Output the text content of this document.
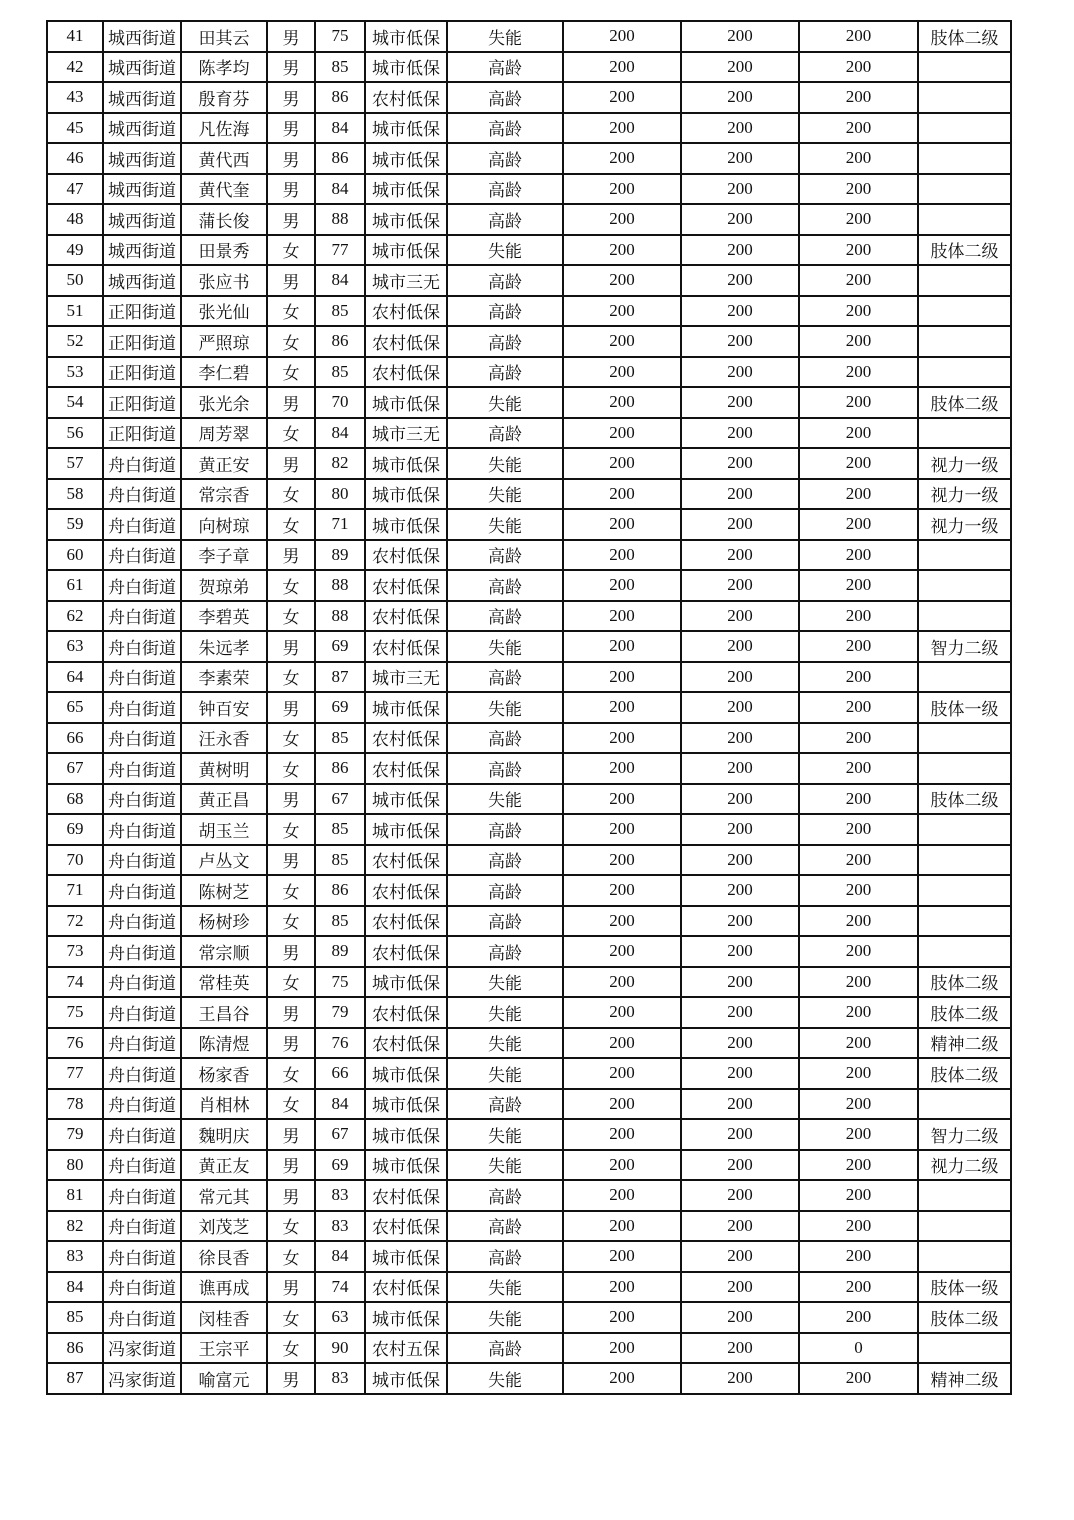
41	城西街道	田其云	男	75	城市低保	失能	200	200	200	肢体二级
42	城西街道	陈孝均	男	85	城市低保	高龄	200	200	200	
43	城西街道	殷育芬	男	86	农村低保	高龄	200	200	200	
45	城西街道	凡佐海	男	84	城市低保	高龄	200	200	200	
46	城西街道	黄代西	男	86	城市低保	高龄	200	200	200	
47	城西街道	黄代奎	男	84	城市低保	高龄	200	200	200	
48	城西街道	蒲长俊	男	88	城市低保	高龄	200	200	200	
49	城西街道	田景秀	女	77	城市低保	失能	200	200	200	肢体二级
50	城西街道	张应书	男	84	城市三无	高龄	200	200	200	
51	正阳街道	张光仙	女	85	农村低保	高龄	200	200	200	
52	正阳街道	严照琼	女	86	农村低保	高龄	200	200	200	
53	正阳街道	李仁碧	女	85	农村低保	高龄	200	200	200	
54	正阳街道	张光余	男	70	城市低保	失能	200	200	200	肢体二级
56	正阳街道	周芳翠	女	84	城市三无	高龄	200	200	200	
57	舟白街道	黄正安	男	82	城市低保	失能	200	200	200	视力一级
58	舟白街道	常宗香	女	80	城市低保	失能	200	200	200	视力一级
59	舟白街道	向树琼	女	71	城市低保	失能	200	200	200	视力一级
60	舟白街道	李子章	男	89	农村低保	高龄	200	200	200	
61	舟白街道	贺琼弟	女	88	农村低保	高龄	200	200	200	
62	舟白街道	李碧英	女	88	农村低保	高龄	200	200	200	
63	舟白街道	朱远孝	男	69	农村低保	失能	200	200	200	智力二级
64	舟白街道	李素荣	女	87	城市三无	高龄	200	200	200	
65	舟白街道	钟百安	男	69	城市低保	失能	200	200	200	肢体一级
66	舟白街道	汪永香	女	85	农村低保	高龄	200	200	200	
67	舟白街道	黄树明	女	86	农村低保	高龄	200	200	200	
68	舟白街道	黄正昌	男	67	城市低保	失能	200	200	200	肢体二级
69	舟白街道	胡玉兰	女	85	城市低保	高龄	200	200	200	
70	舟白街道	卢丛文	男	85	农村低保	高龄	200	200	200	
71	舟白街道	陈树芝	女	86	农村低保	高龄	200	200	200	
72	舟白街道	杨树珍	女	85	农村低保	高龄	200	200	200	
73	舟白街道	常宗顺	男	89	农村低保	高龄	200	200	200	
74	舟白街道	常桂英	女	75	城市低保	失能	200	200	200	肢体二级
75	舟白街道	王昌谷	男	79	农村低保	失能	200	200	200	肢体二级
76	舟白街道	陈清煜	男	76	农村低保	失能	200	200	200	精神二级
77	舟白街道	杨家香	女	66	城市低保	失能	200	200	200	肢体二级
78	舟白街道	肖相林	女	84	城市低保	高龄	200	200	200	
79	舟白街道	魏明庆	男	67	城市低保	失能	200	200	200	智力二级
80	舟白街道	黄正友	男	69	城市低保	失能	200	200	200	视力二级
81	舟白街道	常元其	男	83	农村低保	高龄	200	200	200	
82	舟白街道	刘茂芝	女	83	农村低保	高龄	200	200	200	
83	舟白街道	徐艮香	女	84	城市低保	高龄	200	200	200	
84	舟白街道	谯再成	男	74	农村低保	失能	200	200	200	肢体一级
85	舟白街道	闵桂香	女	63	城市低保	失能	200	200	200	肢体二级
86	冯家街道	王宗平	女	90	农村五保	高龄	200	200	0	
87	冯家街道	喻富元	男	83	城市低保	失能	200	200	200	精神二级
